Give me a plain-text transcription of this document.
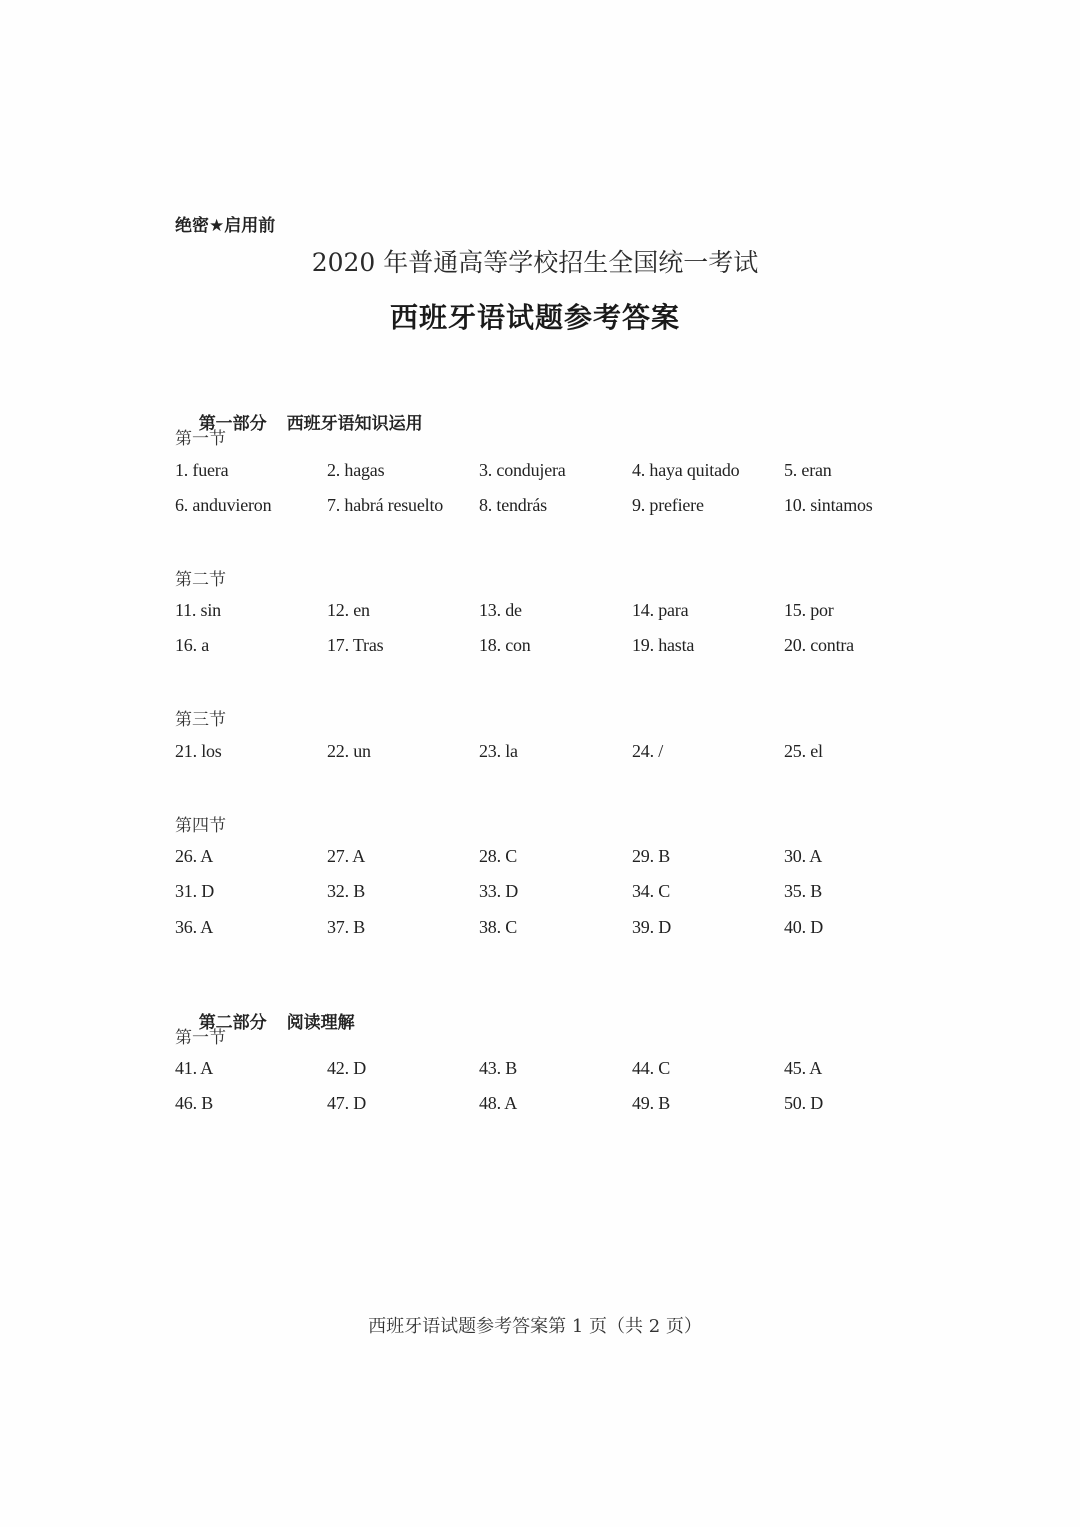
绝密★启用前
2020 年普通高等学校招生全国统一考试
西班牙语试题参考答案

第一部分 西班牙语知识运用

第一节
1. fuera	2. hagas	3. condujera	4. haya quitado 5. eran
6. anduvieron	7. habrá resuelto 8. tendrás	9. prefiere	10. sintamos
第二节
11. sin	12. en	13. de	14. para	15. por
16. a	17. Tras	18. con	19. hasta	20. contra
第三节
21. los	22. un	23. la	24. /	25. el
第四节
26. A	27. A	28. C	29. B	30. A
31. D	32. B	33. D	34. C	35. B
36. A	37. B	38. C	39. D	40. D

第二部分 阅读理解

第一节
41. A	42. D	43. B	44. C	45. A
46. B	47. D	48. A	49. B	50. D
西班牙语试题参考答案第 1 页（共 2 页）
